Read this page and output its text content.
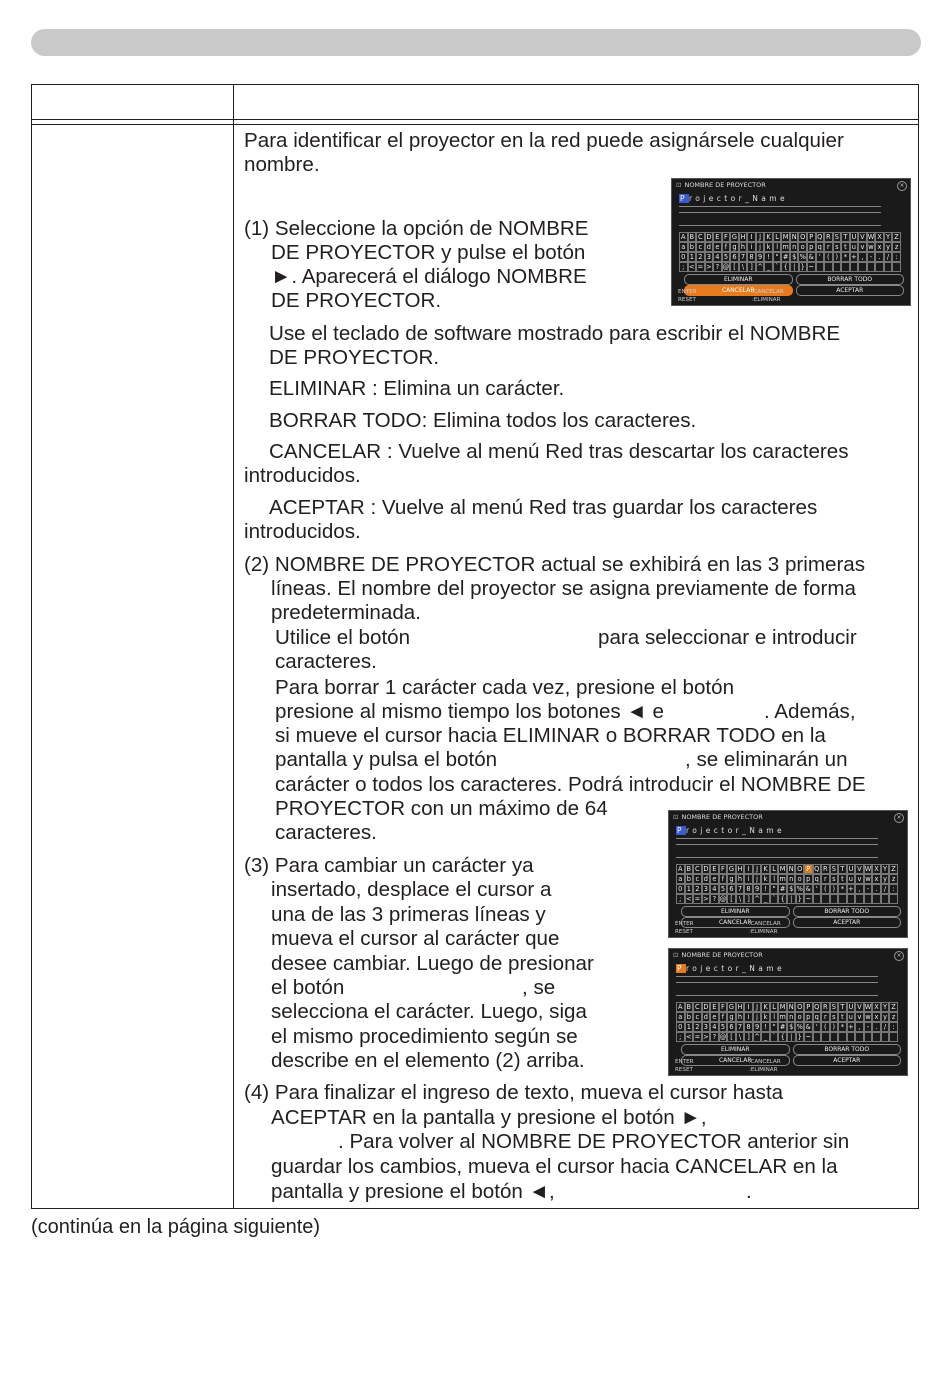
Para identificar el proyector en la red puede asignársele cualquier
nombre.
(1) Seleccione la opción de NOMBRE
DE PROYECTOR y pulse el botón
►. Aparecerá el diálogo NOMBRE
DE PROYECTOR.
Use el teclado de software mostrado para escribir el NOMBRE
DE PROYECTOR.
ELIMINAR : Elimina un carácter.
BORRAR TODO: Elimina todos los caracteres.
CANCELAR : Vuelve al menú Red tras descartar los caracteres
introducidos.
ACEPTAR : Vuelve al menú Red tras guardar los caracteres
introducidos.
(2) NOMBRE DE PROYECTOR actual se exhibirá en las 3 primeras
líneas. El nombre del proyector se asigna previamente de forma
predeterminada.
Utilice el botón	para seleccionar e introducir
caracteres.
Para borrar 1 carácter cada vez, presione el botón
presione al mismo tiempo los botones ◄ e	. Además,
si mueve el cursor hacia ELIMINAR o BORRAR TODO en la
pantalla y pulsa el botón	, se eliminarán un
carácter o todos los caracteres. Podrá introducir el NOMBRE DE
PROYECTOR con un máximo de 64
caracteres.
(3) Para cambiar un carácter ya
insertado, desplace el cursor a
una de las 3 primeras líneas y
mueva el cursor al carácter que
desee cambiar. Luego de presionar
el botón	, se
selecciona el carácter. Luego, siga
el mismo procedimiento según se
describe en el elemento (2) arriba.
(4) Para finalizar el ingreso de texto, mueva el cursor hasta
ACEPTAR en la pantalla y presione el botón ►,
. Para volver al NOMBRE DE PROYECTOR anterior sin
guardar los cambios, mueva el cursor hacia CANCELAR en la
pantalla y presione el botón ◄,	.
(continúa en la página siguiente)
⊡ NOMBRE DE PROYECTOR	×
Projector_Name
A B C D E F G H I J K L M N O P Q R S T U V W X Y Z
a b c d e f g h i	j k l m n o p q r s t u v w x y z
0 1 2 3 4 5 6 7 8 9 ! " # $ % & ' ( ) * + , - . / :
; < = > ? @ [ \ ] ^ _ ` { | } ~
ELIMINAR	BORRAR TODO
CANCELAR	ACEPTAR
ENTER	:CANCELAR
RESET	:ELIMINAR
⊡ NOMBRE DE PROYECTOR	×
Projector_Name
A B C D E F G H I J K L M N O P Q R S T U V W X Y Z
a b c d e f g h i	j k l m n o p q r s t u v w x y z
0 1 2 3 4 5 6 7 8 9 ! " # $ % & ' ( ) * + , - . / :
; < = > ? @ [ \ ] ^ _ ` { | } ~
ELIMINAR	BORRAR TODO
CANCELAR	ACEPTAR
ENTER	:CANCELAR
RESET	:ELIMINAR
⊡ NOMBRE DE PROYECTOR	×
Projector_Name
A B C D E F G H I J K L M N O P Q R S T U V W X Y Z
a b c d e f g h i	j k l m n o p q r s t u v w x y z
0 1 2 3 4 5 6 7 8 9 ! " # $ % & ' ( ) * + , - . / :
; < = > ? @ [ \ ] ^ _ ` { | } ~
ELIMINAR	BORRAR TODO
CANCELAR	ACEPTAR
ENTER	:CANCELAR
RESET	:ELIMINAR
